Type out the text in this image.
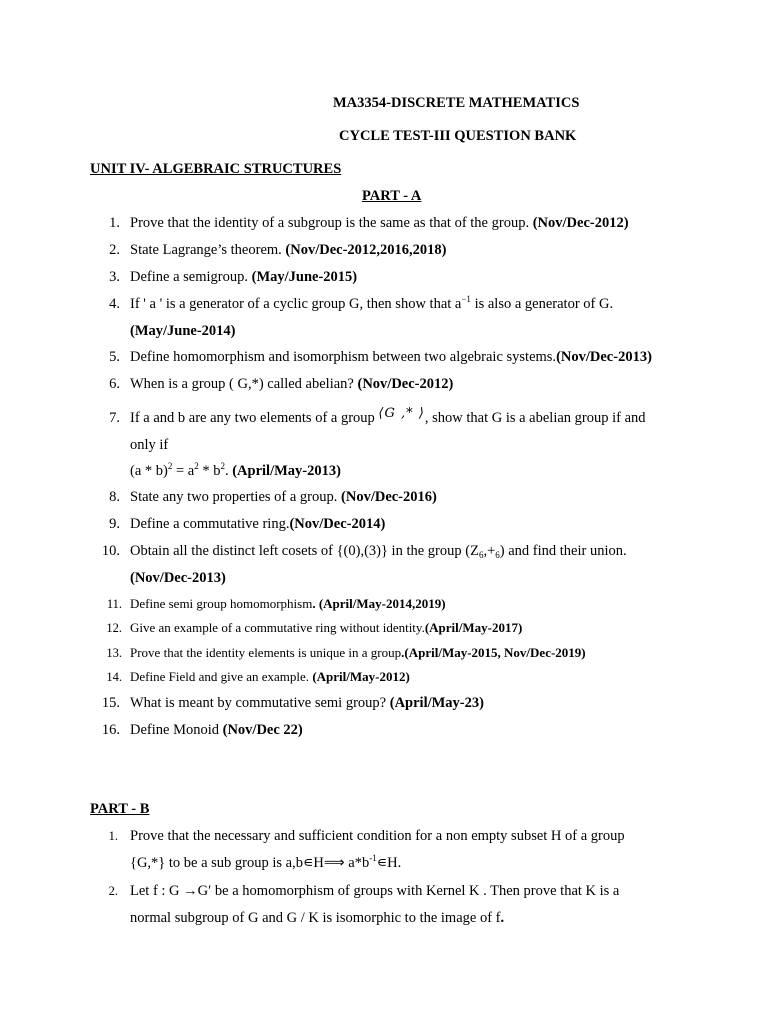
MA3354-DISCRETE MATHEMATICS
CYCLE TEST-III QUESTION BANK
UNIT IV- ALGEBRAIC STRUCTURES
PART - A
1. Prove that the identity of a subgroup is the same as that of the group. (Nov/Dec-2012)
2. State Lagrange’s theorem. (Nov/Dec-2012,2016,2018)
3. Define a semigroup. (May/June-2015)
4. If ' a ' is a generator of a cyclic group G, then show that $a^{-1}$ is also a generator of G.
(May/June-2014)
5. Define homomorphism and isomorphism between two algebraic systems.(Nov/Dec-2013)
6. When is a group ( G,*) called abelian? (Nov/Dec-2012)
7. If a and b are any two elements of a group ⟨G ,* ⟩, show that G is a abelian group if and
only if
$(a * b)^2 = a^2 * b^2$. (April/May-2013)
8. State any two properties of a group. (Nov/Dec-2016)
9. Define a commutative ring.(Nov/Dec-2014)
10. Obtain all the distinct left cosets of {(0),(3)} in the group $(Z_6,+_6)$ and find their union.
(Nov/Dec-2013)
11. Define semi group homomorphism. (April/May-2014,2019)
12. Give an example of a commutative ring without identity.(April/May-2017)
13. Prove that the identity elements is unique in a group.(April/May-2015, Nov/Dec-2019)
14. Define Field and give an example. (April/May-2012)
15. What is meant by commutative semi group? (April/May-23)
16. Define Monoid (Nov/Dec 22)
PART - B
1. Prove that the necessary and sufficient condition for a non empty subset H of a group
{G,*} to be a sub group is a,b∊H⟹ $a*b^{-1}∊H$.
2. Let f : G →G′ be a homomorphism of groups with Kernel K . Then prove that K is a
normal subgroup of G and G / K is isomorphic to the image of f.
